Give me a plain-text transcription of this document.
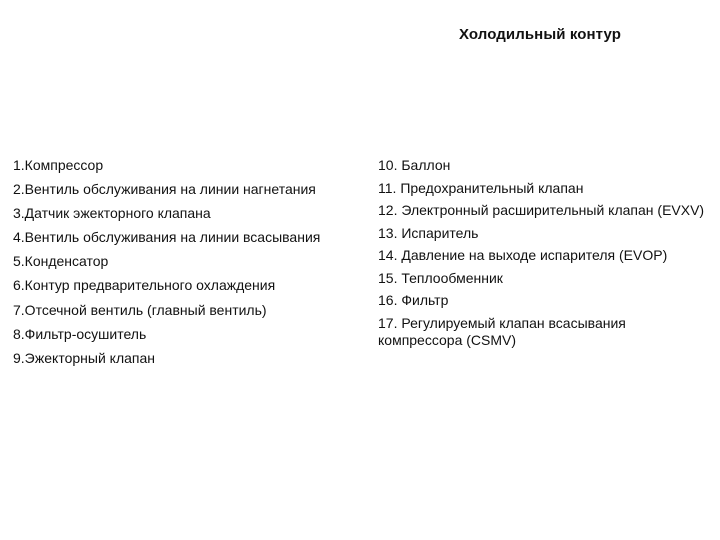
Холодильный контур
1.Компрессор
2.Вентиль обслуживания на линии нагнетания
3.Датчик эжекторного клапана
4.Вентиль обслуживания на линии всасывания
5.Конденсатор
6.Контур предварительного охлаждения
7.Отсечной вентиль (главный вентиль)
8.Фильтр-осушитель
9.Эжекторный клапан
10. Баллон
11. Предохранительный клапан
12. Электронный расширительный клапан (EVXV)
13. Испаритель
14. Давление на выходе испарителя (EVOP)
15. Теплообменник
16. Фильтр
17. Регулируемый клапан всасывания компрессора (CSMV)
